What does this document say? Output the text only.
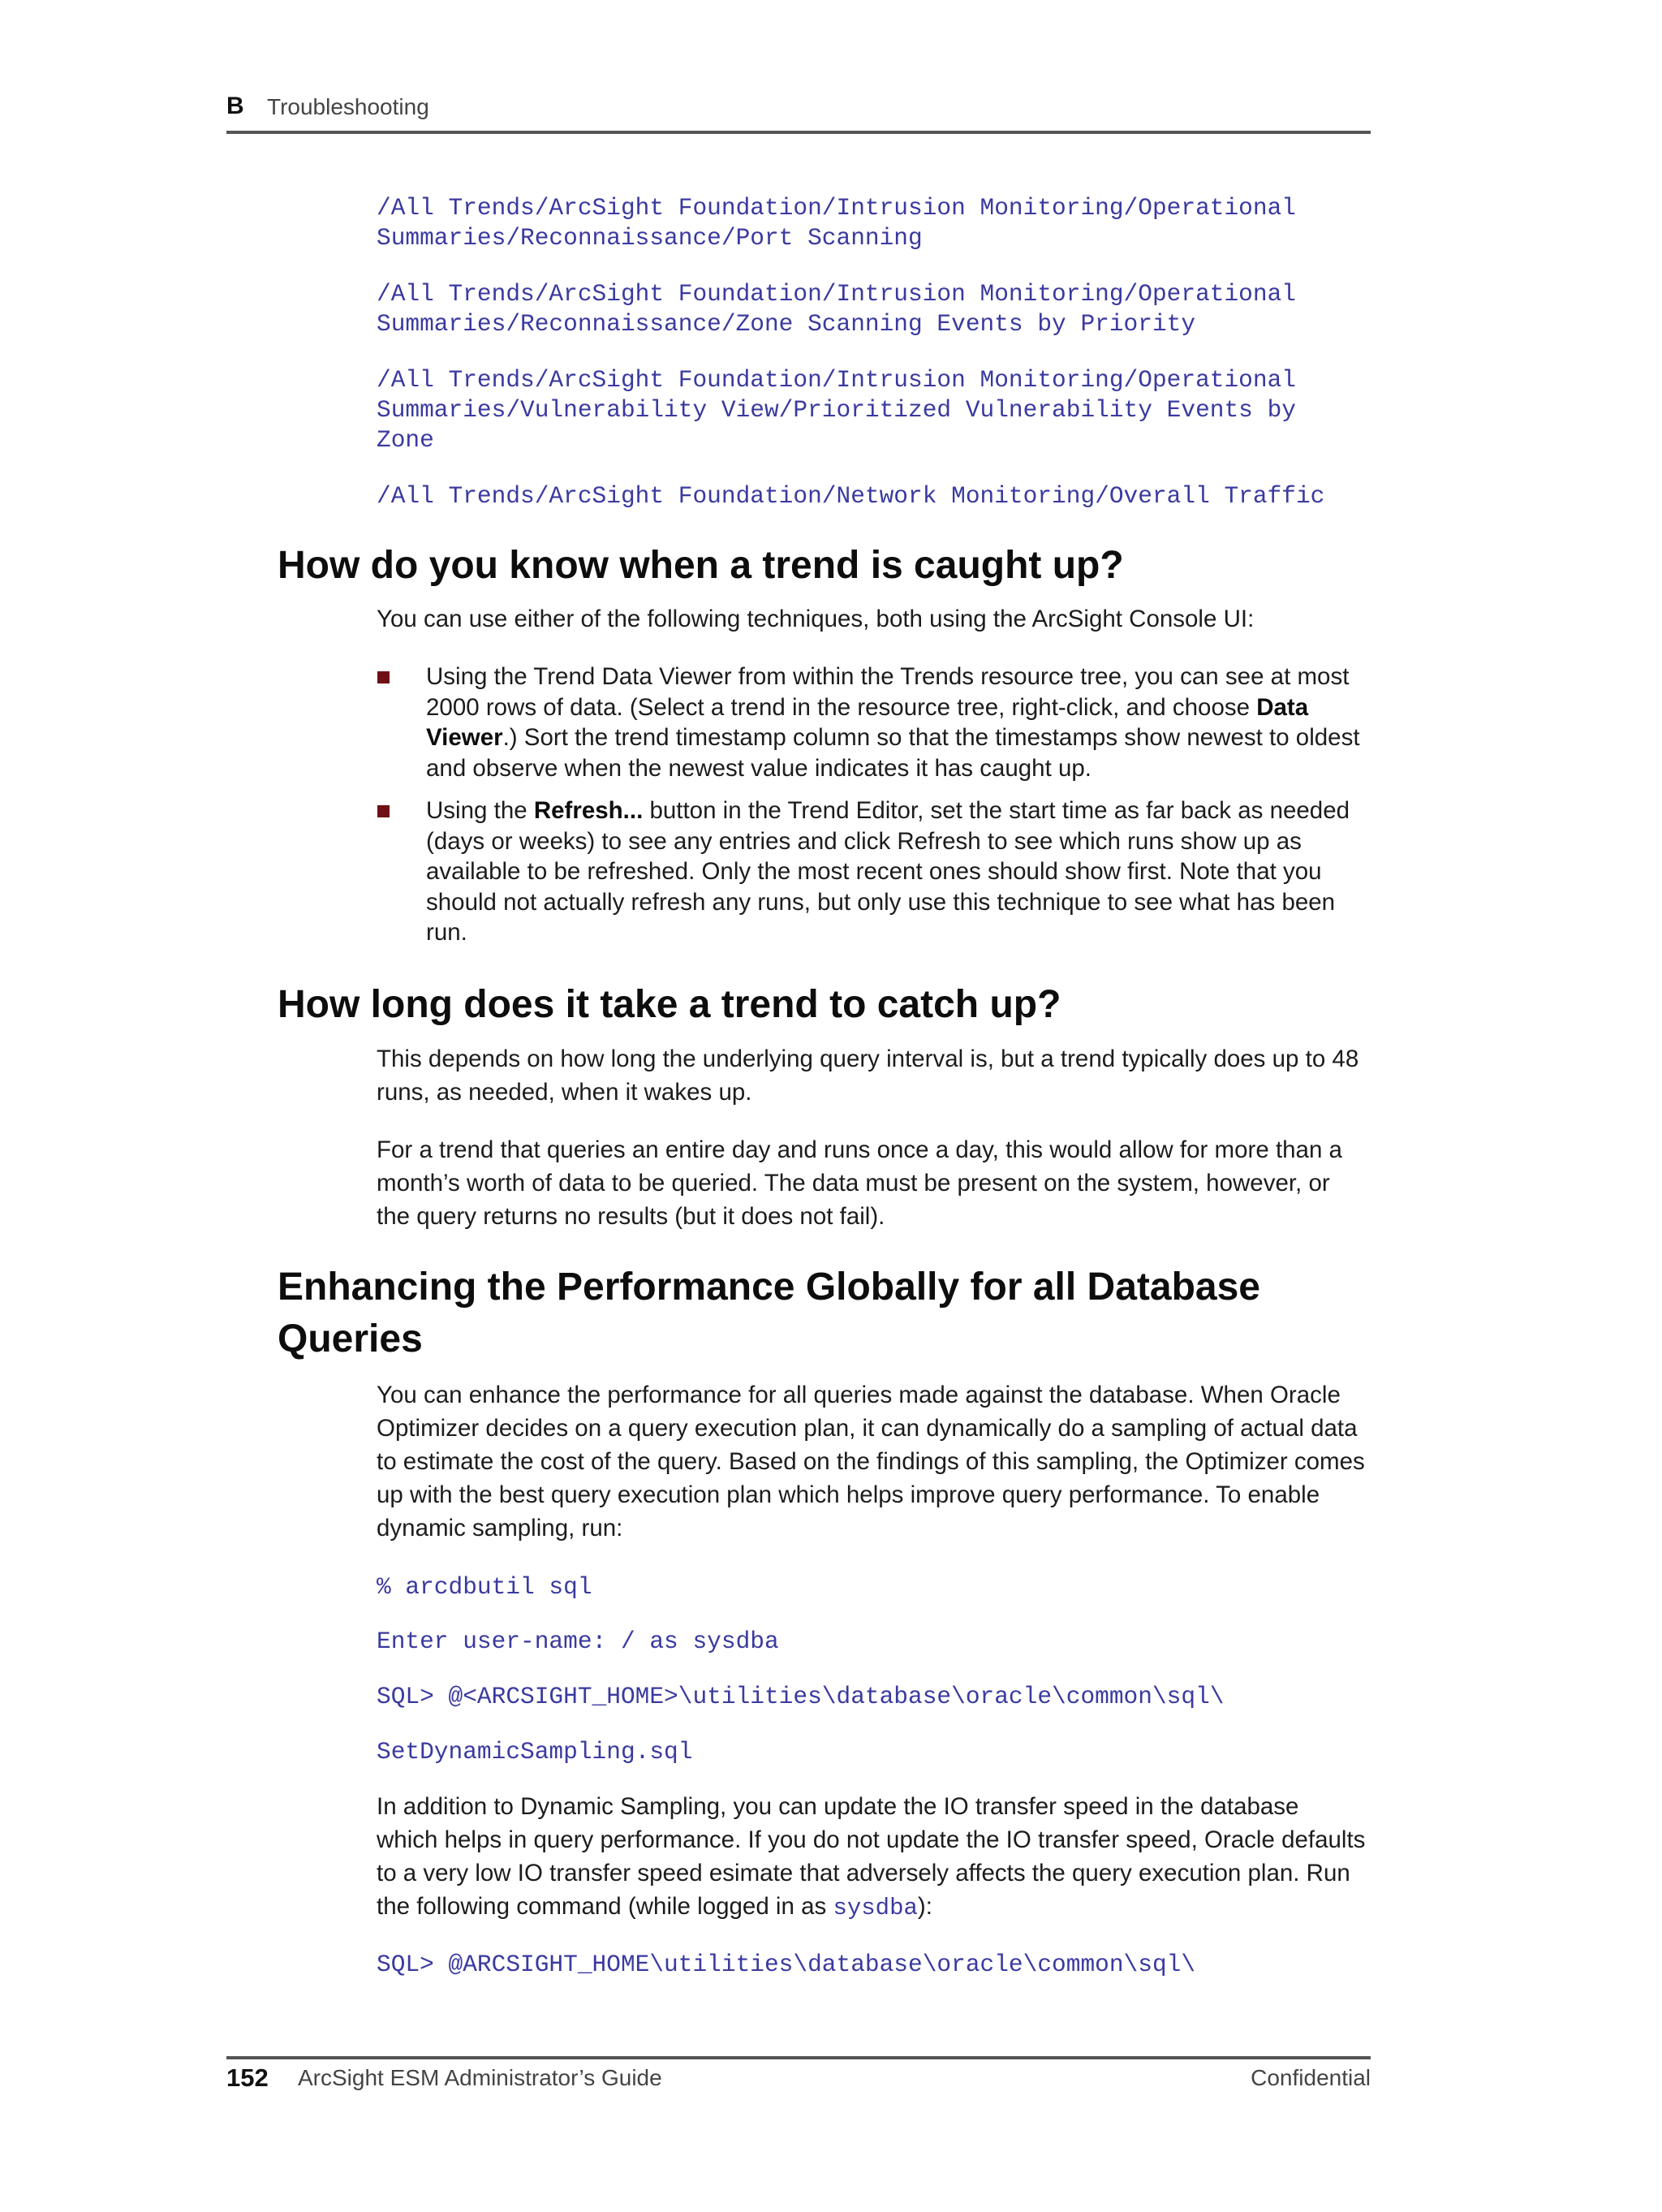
B Troubleshooting
/All Trends/ArcSight Foundation/Intrusion Monitoring/Operational
Summaries/Reconnaissance/Port Scanning
/All Trends/ArcSight Foundation/Intrusion Monitoring/Operational
Summaries/Reconnaissance/Zone Scanning Events by Priority
/All Trends/ArcSight Foundation/Intrusion Monitoring/Operational
Summaries/Vulnerability View/Prioritized Vulnerability Events by
Zone
/All Trends/ArcSight Foundation/Network Monitoring/Overall Traffic
How do you know when a trend is caught up?

You can use either of the following techniques, both using the ArcSight Console UI:

Using the Trend Data Viewer from within the Trends resource tree, you can see at most 2000 rows of data. (Select a trend in the resource tree, right-click, and choose Data Viewer.) Sort the trend timestamp column so that the timestamps show newest to oldest and observe when the newest value indicates it has caught up.

Using the Refresh... button in the Trend Editor, set the start time as far back as needed (days or weeks) to see any entries and click Refresh to see which runs show up as available to be refreshed. Only the most recent ones should show first. Note that you should not actually refresh any runs, but only use this technique to see what has been run.

How long does it take a trend to catch up?

This depends on how long the underlying query interval is, but a trend typically does up to 48 runs, as needed, when it wakes up.

For a trend that queries an entire day and runs once a day, this would allow for more than a month’s worth of data to be queried. The data must be present on the system, however, or the query returns no results (but it does not fail).

Enhancing the Performance Globally for all Database Queries

You can enhance the performance for all queries made against the database. When Oracle Optimizer decides on a query execution plan, it can dynamically do a sampling of actual data to estimate the cost of the query. Based on the findings of this sampling, the Optimizer comes up with the best query execution plan which helps improve query performance. To enable dynamic sampling, run:

% arcdbutil sql
Enter user-name: / as sysdba
SQL> @<ARCSIGHT_HOME>\utilities\database\oracle\common\sql\
SetDynamicSampling.sql

In addition to Dynamic Sampling, you can update the IO transfer speed in the database which helps in query performance. If you do not update the IO transfer speed, Oracle defaults to a very low IO transfer speed esimate that adversely affects the query execution plan. Run the following command (while logged in as sysdba):

SQL> @ARCSIGHT_HOME\utilities\database\oracle\common\sql\
152 ArcSight ESM Administrator’s Guide	Confidential
